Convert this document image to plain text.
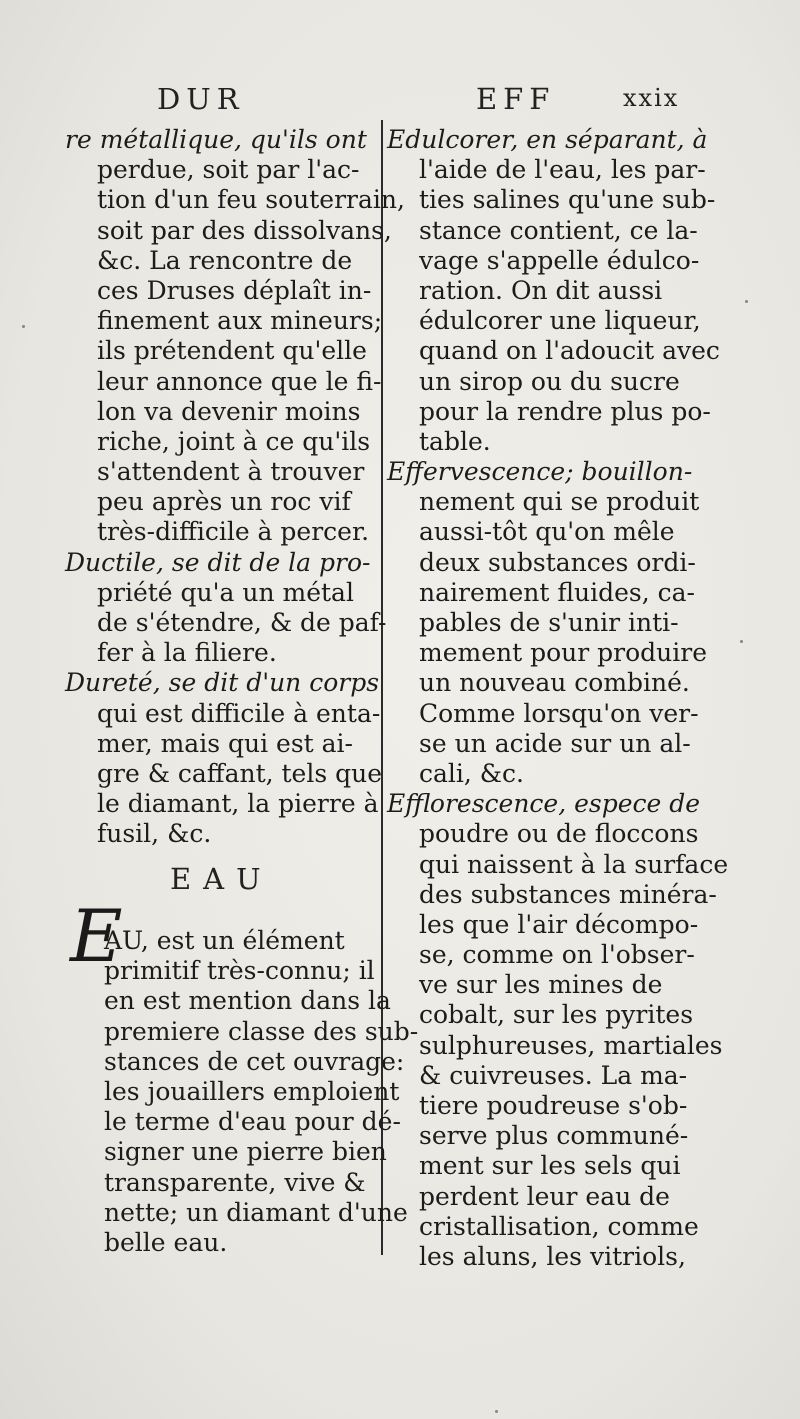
DUR	EFF	xxix
re métallique, qu'ils ont
perdue, soit par l'ac-
tion d'un feu souterrain,
soit par des dissolvans,
&c. La rencontre de
ces Druses déplaît in-
finement aux mineurs;
ils prétendent qu'elle
leur annonce que le fi-
lon va devenir moins
riche, joint à ce qu'ils
s'attendent à trouver
peu après un roc vif
très-difficile à percer.
Ductile, se dit de la pro-
priété qu'a un métal
de s'étendre, & de paf-
fer à la filiere.
Dureté, se dit d'un corps
qui est difficile à enta-
mer, mais qui est ai-
gre & caffant, tels que
le diamant, la pierre à
fusil, &c.
EAU
E
AU, est un élément
primitif très-connu; il
en est mention dans la
premiere classe des sub-
stances de cet ouvrage:
les jouaillers emploient
le terme d'eau pour dé-
signer une pierre bien
transparente, vive &
nette; un diamant d'une
belle eau.
Edulcorer, en séparant, à
l'aide de l'eau, les par-
ties salines qu'une sub-
stance contient, ce la-
vage s'appelle édulco-
ration. On dit aussi
édulcorer une liqueur,
quand on l'adoucit avec
un sirop ou du sucre
pour la rendre plus po-
table.
Effervescence; bouillon-
nement qui se produit
aussi-tôt qu'on mêle
deux substances ordi-
nairement fluides, ca-
pables de s'unir inti-
mement pour produire
un nouveau combiné.
Comme lorsqu'on ver-
se un acide sur un al-
cali, &c.
Efflorescence, espece de
poudre ou de floccons
qui naissent à la surface
des substances minéra-
les que l'air décompo-
se, comme on l'obser-
ve sur les mines de
cobalt, sur les pyrites
sulphureuses, martiales
& cuivreuses. La ma-
tiere poudreuse s'ob-
serve plus communé-
ment sur les sels qui
perdent leur eau de
cristallisation, comme
les aluns, les vitriols,
